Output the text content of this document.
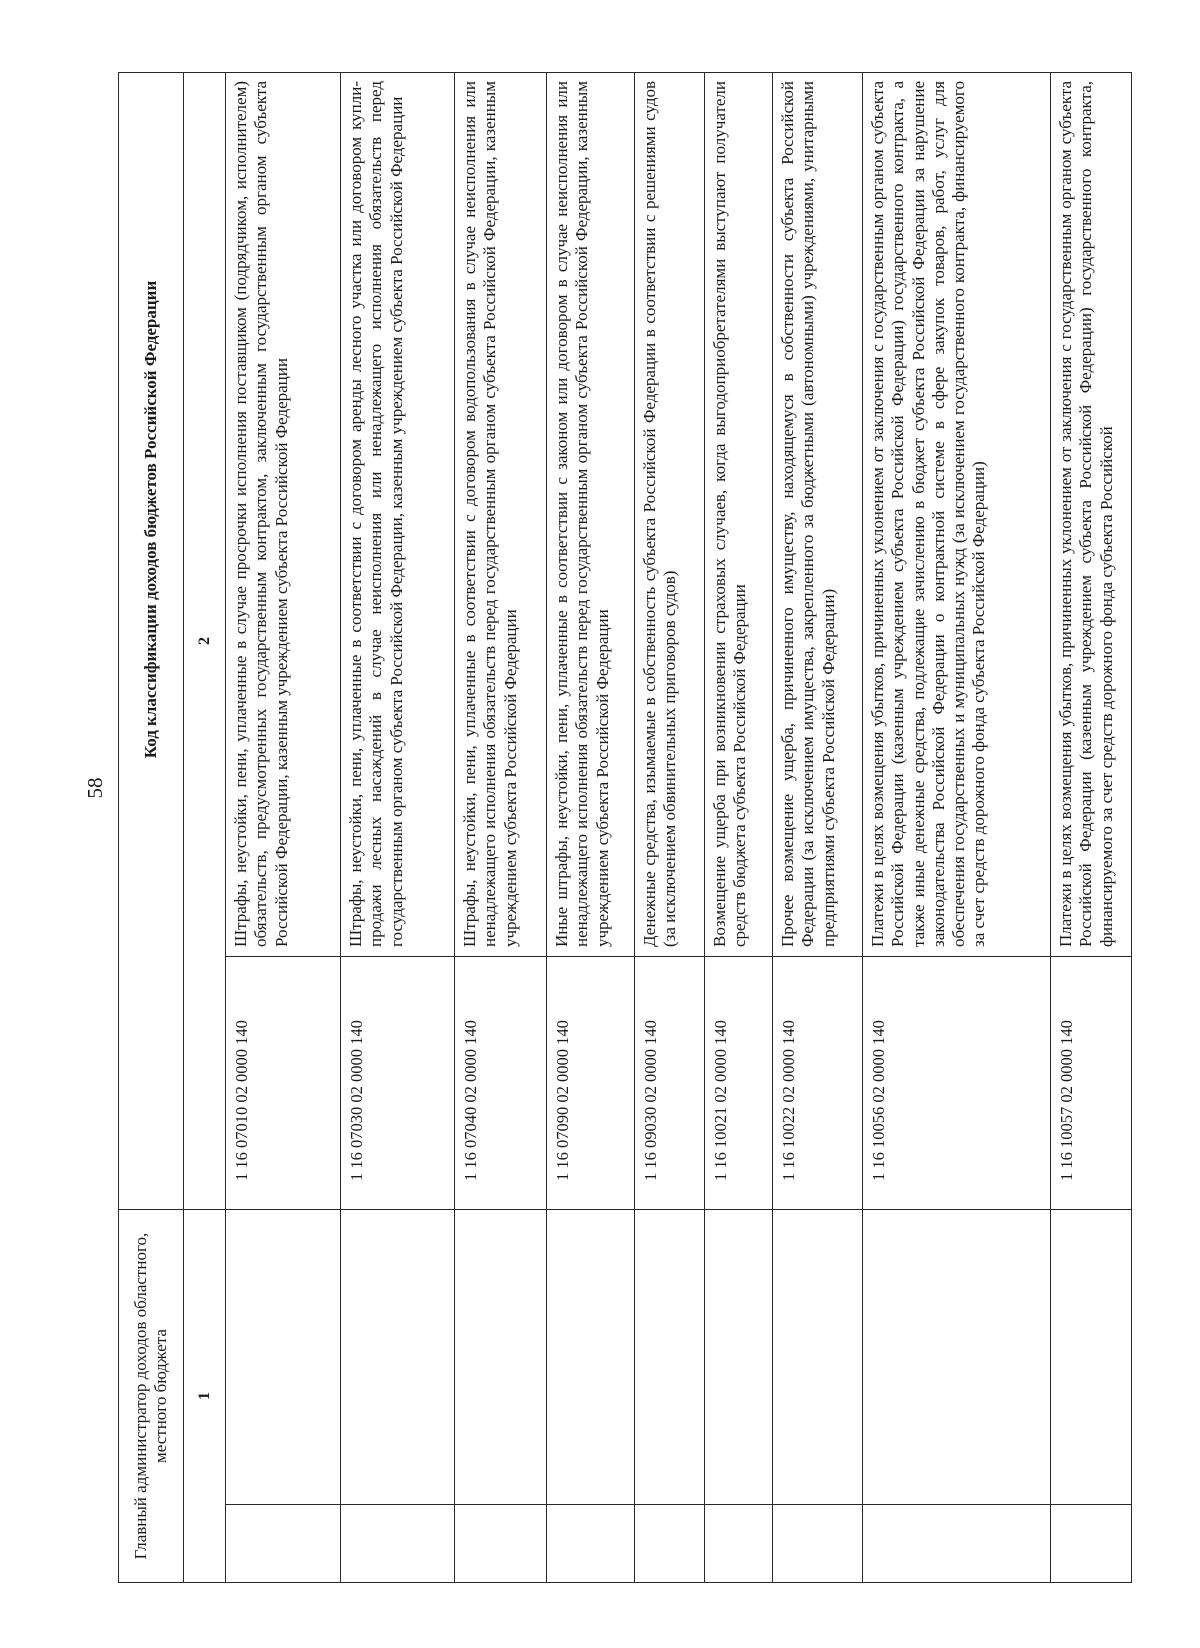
58
Главный администратор доходов областного, местного бюджета
Код классификации доходов бюджетов Российской Федерации
1
2
1 16 07010 02 0000 140
Штрафы, неустойки, пени, уплаченные в случае просрочки исполнения поставщиком (подрядчиком, исполнителем) обязательств, предусмотренных государственным контрактом, заключенным государственным органом субъекта Российской Федерации, казенным учреждением субъекта Российской Федерации
1 16 07030 02 0000 140
Штрафы, неустойки, пени, уплаченные в соответствии с договором аренды лесного участка или договором купли-продажи лесных насаждений в случае неисполнения или ненадлежащего исполнения обязательств перед государственным органом субъекта Российской Федерации, казенным учреждением субъекта Российской Федерации
1 16 07040 02 0000 140
Штрафы, неустойки, пени, уплаченные в соответствии с договором водопользования в случае неисполнения или ненадлежащего исполнения обязательств перед государственным органом субъекта Российской Федерации, казенным учреждением субъекта Российской Федерации
1 16 07090 02 0000 140
Иные штрафы, неустойки, пени, уплаченные в соответствии с законом или договором в случае неисполнения или ненадлежащего исполнения обязательств перед государственным органом субъекта Российской Федерации, казенным учреждением субъекта Российской Федерации
1 16 09030 02 0000 140
Денежные средства, изымаемые в собственность субъекта Российской Федерации в соответствии с решениями судов (за исключением обвинительных приговоров судов)
1 16 10021 02 0000 140
Возмещение ущерба при возникновении страховых случаев, когда выгодоприобретателями выступают получатели средств бюджета субъекта Российской Федерации
1 16 10022 02 0000 140
Прочее возмещение ущерба, причиненного имуществу, находящемуся в собственности субъекта Российской Федерации (за исключением имущества, закрепленного за бюджетными (автономными) учреждениями, унитарными предприятиями субъекта Российской Федерации)
1 16 10056 02 0000 140
Платежи в целях возмещения убытков, причиненных уклонением от заключения с государственным органом субъекта Российской Федерации (казенным учреждением субъекта Российской Федерации) государственного контракта, а также иные денежные средства, подлежащие зачислению в бюджет субъекта Российской Федерации за нарушение законодательства Российской Федерации о контрактной системе в сфере закупок товаров, работ, услуг для обеспечения государственных и муниципальных нужд (за исключением государственного контракта, финансируемого за счет средств дорожного фонда субъекта Российской Федерации)
1 16 10057 02 0000 140
Платежи в целях возмещения убытков, причиненных уклонением от заключения с государственным органом субъекта Российской Федерации (казенным учреждением субъекта Российской Федерации) государственного контракта, финансируемого за счет средств дорожного фонда субъекта Российской
